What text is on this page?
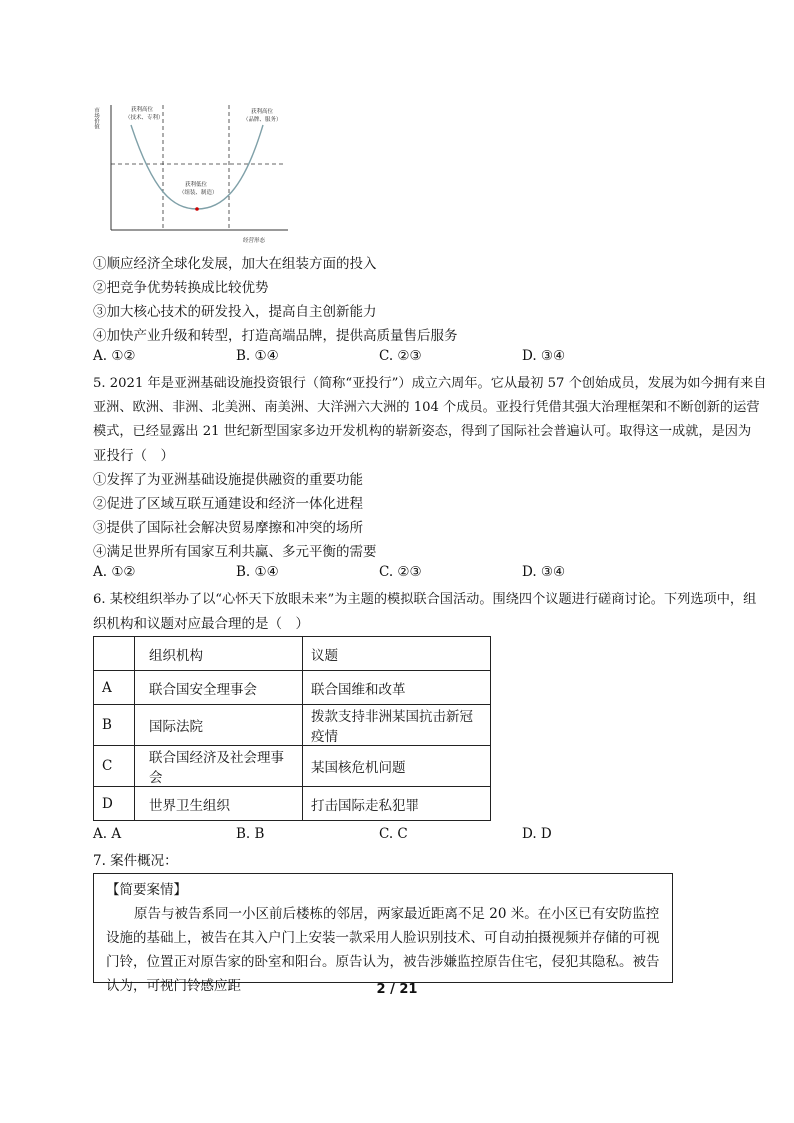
市场价值
经营形态
获利高位
（技术、专利）
获利高位
（品牌、服务）
获利低位
（组装、制造）
①顺应经济全球化发展，加大在组装方面的投入
②把竞争优势转换成比较优势
③加大核心技术的研发投入，提高自主创新能力
④加快产业升级和转型，打造高端品牌，提供高质量售后服务
A. ①②	B. ①④	C. ②③	D. ③④
5. 2021 年是亚洲基础设施投资银行（简称“亚投行”）成立六周年。它从最初 57 个创始成员，发展为如今拥有来自
亚洲、欧洲、非洲、北美洲、南美洲、大洋洲六大洲的 104 个成员。亚投行凭借其强大治理框架和不断创新的运营
模式，已经显露出 21 世纪新型国家多边开发机构的崭新姿态，得到了国际社会普遍认可。取得这一成就，是因为
亚投行（　）
①发挥了为亚洲基础设施提供融资的重要功能
②促进了区域互联互通建设和经济一体化进程
③提供了国际社会解决贸易摩擦和冲突的场所
④满足世界所有国家互利共赢、多元平衡的需要
A. ①②	B. ①④	C. ②③	D. ③④
6. 某校组织举办了以“心怀天下放眼未来”为主题的模拟联合国活动。围绕四个议题进行磋商讨论。下列选项中，组
织机构和议题对应最合理的是（　）
	组织机构	议题
A	联合国安全理事会	联合国维和改革
B	国际法院	拨款支持非洲某国抗击新冠疫情
C	联合国经济及社会理事会	某国核危机问题
D	世界卫生组织	打击国际走私犯罪
A. A	B. B	C. C	D. D
7. 案件概况：
【简要案情】
原告与被告系同一小区前后楼栋的邻居，两家最近距离不足 20 米。在小区已有安防监控设施的基础上，被告在其入户门上安装一款采用人脸识别技术、可自动拍摄视频并存储的可视门铃，位置正对原告家的卧室和阳台。原告认为，被告涉嫌监控原告住宅，侵犯其隐私。被告认为，可视门铃感应距	2 / 21
